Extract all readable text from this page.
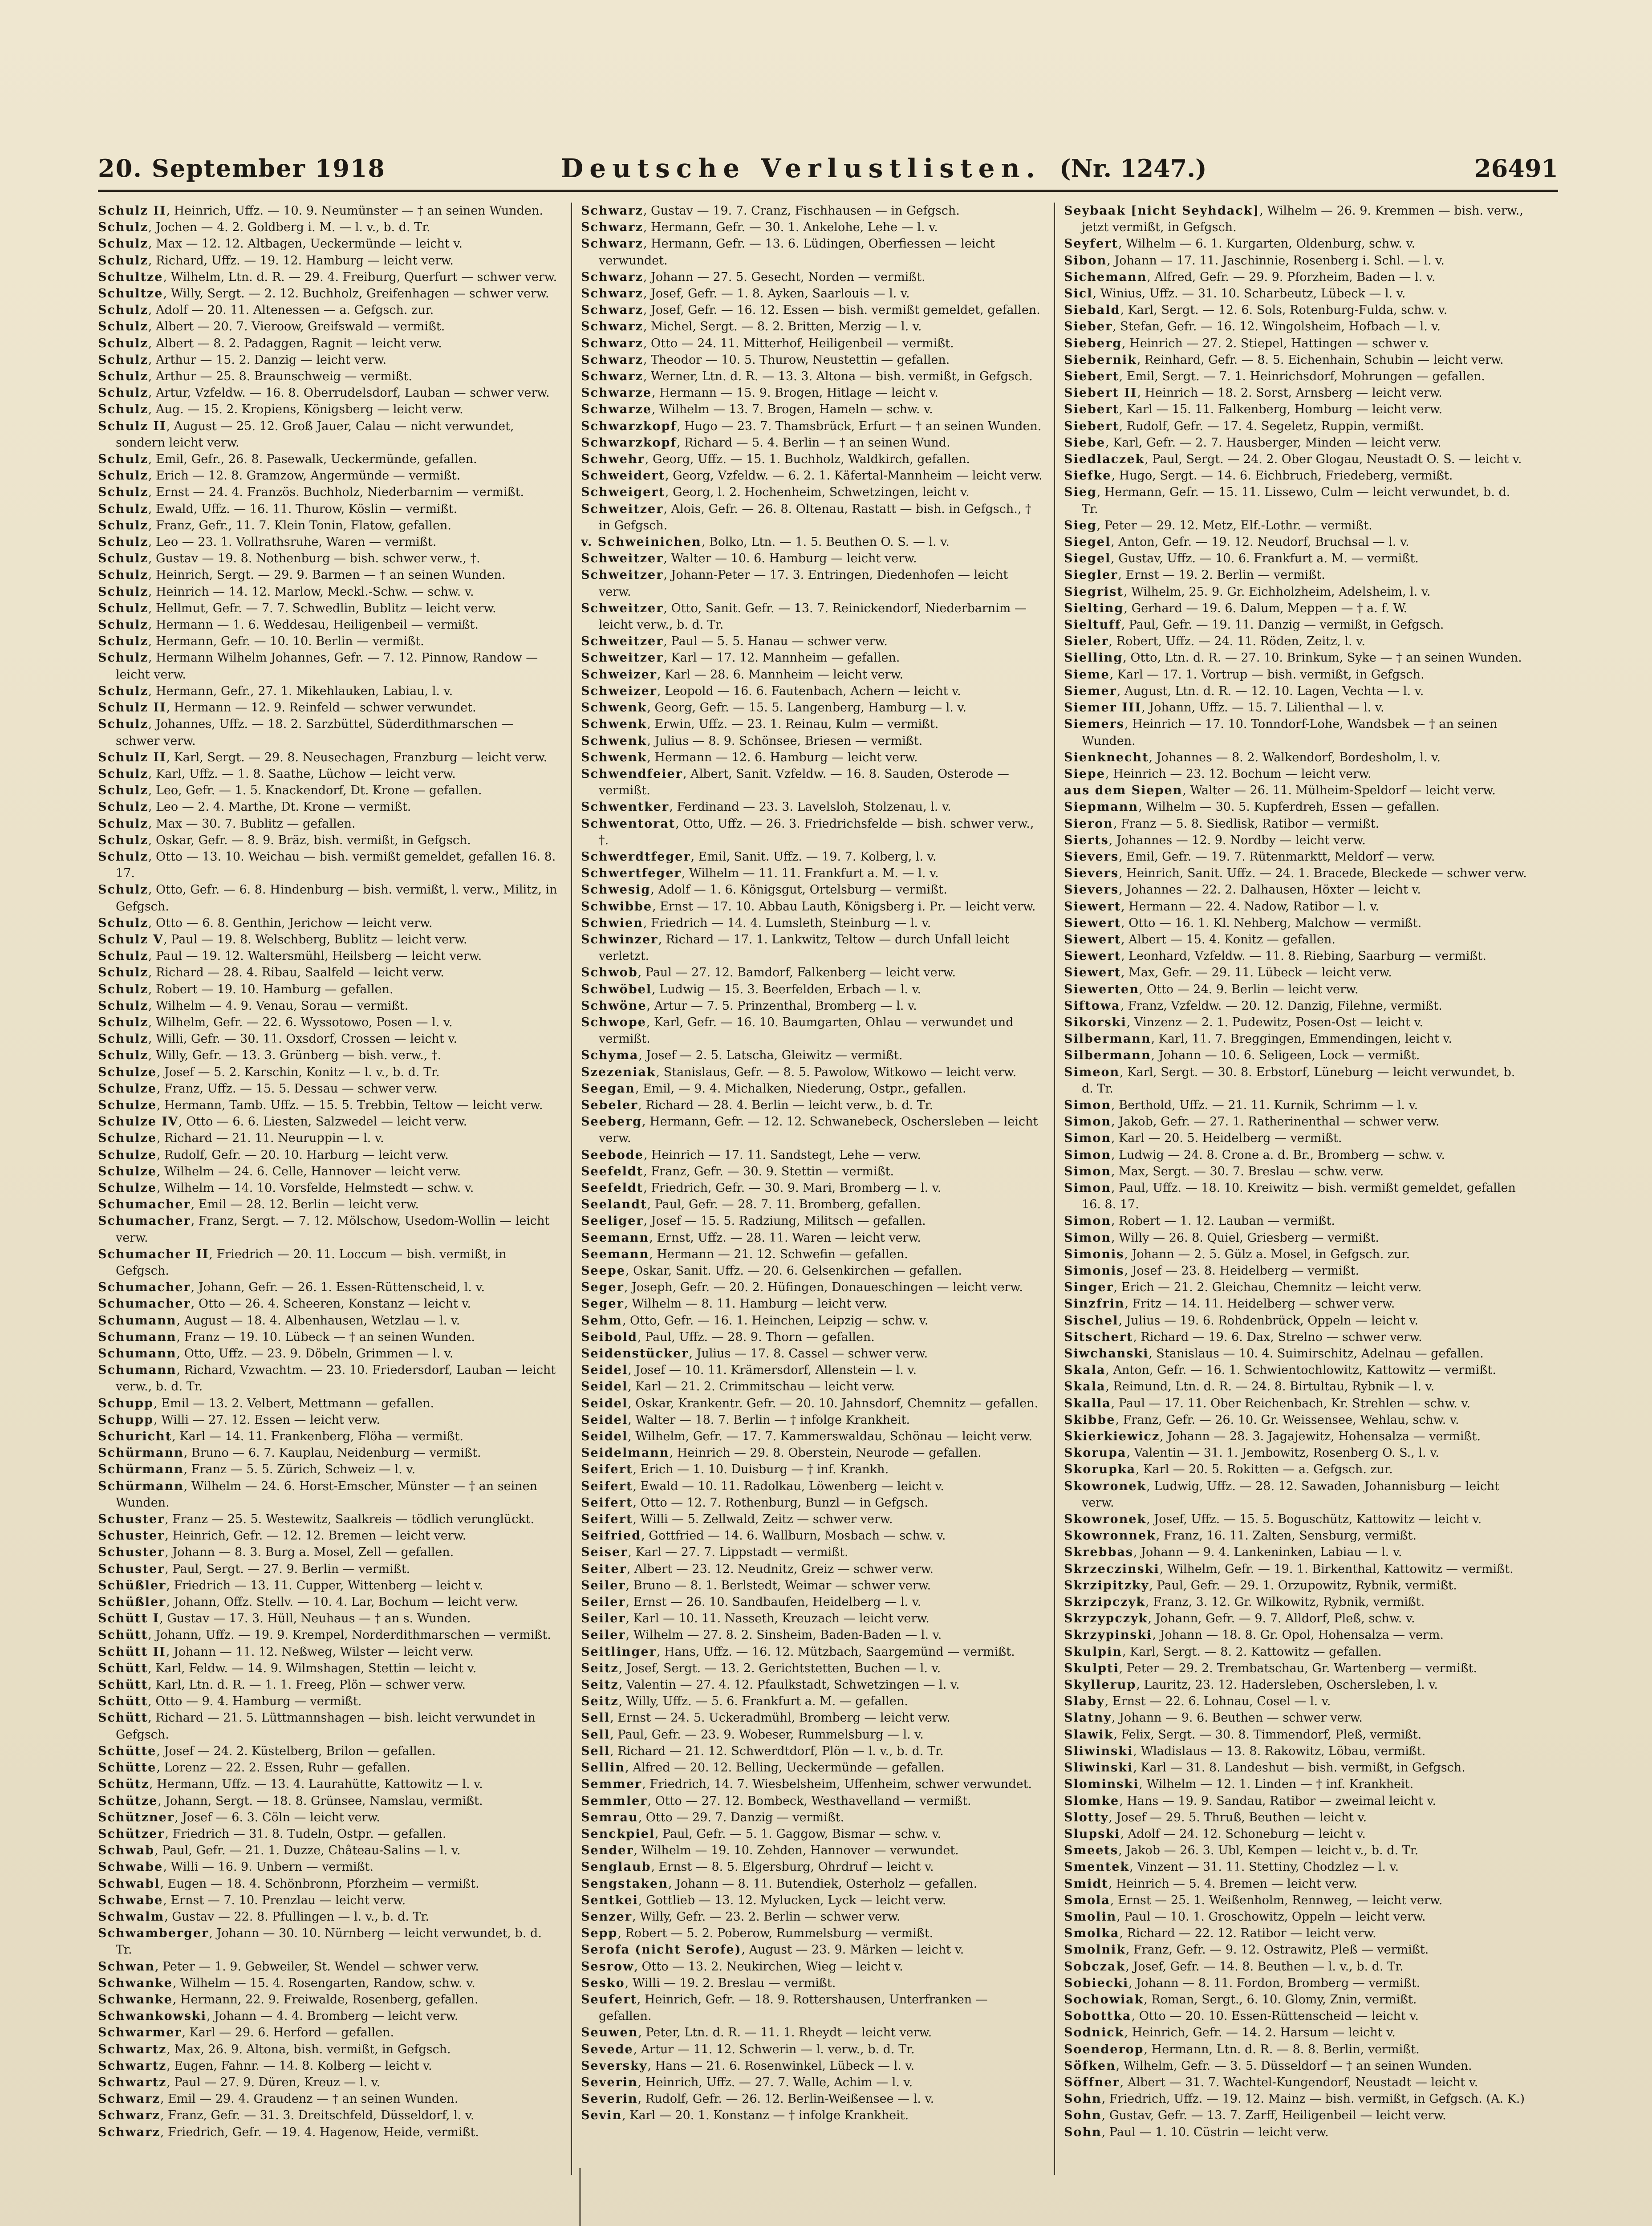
20. September 1918	Deutsche Verlustlisten. (Nr. 1247.)	26491

Schulz II, Heinrich, Uffz. — 10. 9. Neumünster — † an seinen Wunden.

Schulz, Jochen — 4. 2. Goldberg i. M. — l. v., b. d. Tr.

Schulz, Max — 12. 12. Altbagen, Ueckermünde — leicht v.

Schulz, Richard, Uffz. — 19. 12. Hamburg — leicht verw.

Schultze, Wilhelm, Ltn. d. R. — 29. 4. Freiburg, Querfurt — schwer verw.

Schultze, Willy, Sergt. — 2. 12. Buchholz, Greifenhagen — schwer verw.

Schulz, Adolf — 20. 11. Altenessen — a. Gefgsch. zur.

Schulz, Albert — 20. 7. Vieroow, Greifswald — vermißt.

Schulz, Albert — 8. 2. Padaggen, Ragnit — leicht verw.

Schulz, Arthur — 15. 2. Danzig — leicht verw.

Schulz, Arthur — 25. 8. Braunschweig — vermißt.

Schulz, Artur, Vzfeldw. — 16. 8. Oberrudelsdorf, Lauban — schwer verw.

Schulz, Aug. — 15. 2. Kropiens, Königsberg — leicht verw.

Schulz II, August — 25. 12. Groß Jauer, Calau — nicht verwundet, sondern leicht verw.

Schulz, Emil, Gefr., 26. 8. Pasewalk, Ueckermünde, gefallen.

Schulz, Erich — 12. 8. Gramzow, Angermünde — vermißt.

Schulz, Ernst — 24. 4. Französ. Buchholz, Niederbarnim — vermißt.

Schulz, Ewald, Uffz. — 16. 11. Thurow, Köslin — vermißt.

Schulz, Franz, Gefr., 11. 7. Klein Tonin, Flatow, gefallen.

Schulz, Leo — 23. 1. Vollrathsruhe, Waren — vermißt.

Schulz, Gustav — 19. 8. Nothenburg — bish. schwer verw., †.

Schulz, Heinrich, Sergt. — 29. 9. Barmen — † an seinen Wunden.

Schulz, Heinrich — 14. 12. Marlow, Meckl.-Schw. — schw. v.

Schulz, Hellmut, Gefr. — 7. 7. Schwedlin, Bublitz — leicht verw.

Schulz, Hermann — 1. 6. Weddesau, Heiligenbeil — vermißt.

Schulz, Hermann, Gefr. — 10. 10. Berlin — vermißt.

Schulz, Hermann Wilhelm Johannes, Gefr. — 7. 12. Pinnow, Randow — leicht verw.

Schulz, Hermann, Gefr., 27. 1. Mikehlauken, Labiau, l. v.

Schulz II, Hermann — 12. 9. Reinfeld — schwer verwundet.

Schulz, Johannes, Uffz. — 18. 2. Sarzbüttel, Süderdithmarschen — schwer verw.

Schulz II, Karl, Sergt. — 29. 8. Neusechagen, Franzburg — leicht verw.

Schulz, Karl, Uffz. — 1. 8. Saathe, Lüchow — leicht verw.

Schulz, Leo, Gefr. — 1. 5. Knackendorf, Dt. Krone — gefallen.

Schulz, Leo — 2. 4. Marthe, Dt. Krone — vermißt.

Schulz, Max — 30. 7. Bublitz — gefallen.

Schulz, Oskar, Gefr. — 8. 9. Bräz, bish. vermißt, in Gefgsch.

Schulz, Otto — 13. 10. Weichau — bish. vermißt gemeldet, gefallen 16. 8. 17.

Schulz, Otto, Gefr. — 6. 8. Hindenburg — bish. vermißt, l. verw., Militz, in Gefgsch.

Schulz, Otto — 6. 8. Genthin, Jerichow — leicht verw.

Schulz V, Paul — 19. 8. Welschberg, Bublitz — leicht verw.

Schulz, Paul — 19. 12. Waltersmühl, Heilsberg — leicht verw.

Schulz, Richard — 28. 4. Ribau, Saalfeld — leicht verw.

Schulz, Robert — 19. 10. Hamburg — gefallen.

Schulz, Wilhelm — 4. 9. Venau, Sorau — vermißt.

Schulz, Wilhelm, Gefr. — 22. 6. Wyssotowo, Posen — l. v.

Schulz, Willi, Gefr. — 30. 11. Oxsdorf, Crossen — leicht v.

Schulz, Willy, Gefr. — 13. 3. Grünberg — bish. verw., †.

Schulze, Josef — 5. 2. Karschin, Konitz — l. v., b. d. Tr.

Schulze, Franz, Uffz. — 15. 5. Dessau — schwer verw.

Schulze, Hermann, Tamb. Uffz. — 15. 5. Trebbin, Teltow — leicht verw.

Schulze IV, Otto — 6. 6. Liesten, Salzwedel — leicht verw.

Schulze, Richard — 21. 11. Neuruppin — l. v.

Schulze, Rudolf, Gefr. — 20. 10. Harburg — leicht verw.

Schulze, Wilhelm — 24. 6. Celle, Hannover — leicht verw.

Schulze, Wilhelm — 14. 10. Vorsfelde, Helmstedt — schw. v.

Schumacher, Emil — 28. 12. Berlin — leicht verw.

Schumacher, Franz, Sergt. — 7. 12. Mölschow, Usedom-Wollin — leicht verw.

Schumacher II, Friedrich — 20. 11. Loccum — bish. vermißt, in Gefgsch.

Schumacher, Johann, Gefr. — 26. 1. Essen-Rüttenscheid, l. v.

Schumacher, Otto — 26. 4. Scheeren, Konstanz — leicht v.

Schumann, August — 18. 4. Albenhausen, Wetzlau — l. v.

Schumann, Franz — 19. 10. Lübeck — † an seinen Wunden.

Schumann, Otto, Uffz. — 23. 9. Döbeln, Grimmen — l. v.

Schumann, Richard, Vzwachtm. — 23. 10. Friedersdorf, Lauban — leicht verw., b. d. Tr.

Schupp, Emil — 13. 2. Velbert, Mettmann — gefallen.

Schupp, Willi — 27. 12. Essen — leicht verw.

Schuricht, Karl — 14. 11. Frankenberg, Flöha — vermißt.

Schürmann, Bruno — 6. 7. Kauplau, Neidenburg — vermißt.

Schürmann, Franz — 5. 5. Zürich, Schweiz — l. v.

Schürmann, Wilhelm — 24. 6. Horst-Emscher, Münster — † an seinen Wunden.

Schuster, Franz — 25. 5. Westewitz, Saalkreis — tödlich verunglückt.

Schuster, Heinrich, Gefr. — 12. 12. Bremen — leicht verw.

Schuster, Johann — 8. 3. Burg a. Mosel, Zell — gefallen.

Schuster, Paul, Sergt. — 27. 9. Berlin — vermißt.

Schüßler, Friedrich — 13. 11. Cupper, Wittenberg — leicht v.

Schüßler, Johann, Offz. Stellv. — 10. 4. Lar, Bochum — leicht verw.

Schütt I, Gustav — 17. 3. Hüll, Neuhaus — † an s. Wunden.

Schütt, Johann, Uffz. — 19. 9. Krempel, Norderdithmarschen — vermißt.

Schütt II, Johann — 11. 12. Neßweg, Wilster — leicht verw.

Schütt, Karl, Feldw. — 14. 9. Wilmshagen, Stettin — leicht v.

Schütt, Karl, Ltn. d. R. — 1. 1. Freeg, Plön — schwer verw.

Schütt, Otto — 9. 4. Hamburg — vermißt.

Schütt, Richard — 21. 5. Lüttmannshagen — bish. leicht verwundet in Gefgsch.

Schütte, Josef — 24. 2. Küstelberg, Brilon — gefallen.

Schütte, Lorenz — 22. 2. Essen, Ruhr — gefallen.

Schütz, Hermann, Uffz. — 13. 4. Laurahütte, Kattowitz — l. v.

Schütze, Johann, Sergt. — 18. 8. Grünsee, Namslau, vermißt.

Schützner, Josef — 6. 3. Cöln — leicht verw.

Schützer, Friedrich — 31. 8. Tudeln, Ostpr. — gefallen.

Schwab, Paul, Gefr. — 21. 1. Duzze, Château-Salins — l. v.

Schwabe, Willi — 16. 9. Unbern — vermißt.

Schwabl, Eugen — 18. 4. Schönbronn, Pforzheim — vermißt.

Schwabe, Ernst — 7. 10. Prenzlau — leicht verw.

Schwalm, Gustav — 22. 8. Pfullingen — l. v., b. d. Tr.

Schwamberger, Johann — 30. 10. Nürnberg — leicht verwundet, b. d. Tr.

Schwan, Peter — 1. 9. Gebweiler, St. Wendel — schwer verw.

Schwanke, Wilhelm — 15. 4. Rosengarten, Randow, schw. v.

Schwanke, Hermann, 22. 9. Freiwalde, Rosenberg, gefallen.

Schwankowski, Johann — 4. 4. Bromberg — leicht verw.

Schwarmer, Karl — 29. 6. Herford — gefallen.

Schwartz, Max, 26. 9. Altona, bish. vermißt, in Gefgsch.

Schwartz, Eugen, Fahnr. — 14. 8. Kolberg — leicht v.

Schwartz, Paul — 27. 9. Düren, Kreuz — l. v.

Schwarz, Emil — 29. 4. Graudenz — † an seinen Wunden.

Schwarz, Franz, Gefr. — 31. 3. Dreitschfeld, Düsseldorf, l. v.

Schwarz, Friedrich, Gefr. — 19. 4. Hagenow, Heide, vermißt.

Schwarz, Gustav — 19. 7. Cranz, Fischhausen — in Gefgsch.

Schwarz, Hermann, Gefr. — 30. 1. Ankelohe, Lehe — l. v.

Schwarz, Hermann, Gefr. — 13. 6. Lüdingen, Oberfiessen — leicht verwundet.

Schwarz, Johann — 27. 5. Gesecht, Norden — vermißt.

Schwarz, Josef, Gefr. — 1. 8. Ayken, Saarlouis — l. v.

Schwarz, Josef, Gefr. — 16. 12. Essen — bish. vermißt gemeldet, gefallen.

Schwarz, Michel, Sergt. — 8. 2. Britten, Merzig — l. v.

Schwarz, Otto — 24. 11. Mitterhof, Heiligenbeil — vermißt.

Schwarz, Theodor — 10. 5. Thurow, Neustettin — gefallen.

Schwarz, Werner, Ltn. d. R. — 13. 3. Altona — bish. vermißt, in Gefgsch.

Schwarze, Hermann — 15. 9. Brogen, Hitlage — leicht v.

Schwarze, Wilhelm — 13. 7. Brogen, Hameln — schw. v.

Schwarzkopf, Hugo — 23. 7. Thamsbrück, Erfurt — † an seinen Wunden.

Schwarzkopf, Richard — 5. 4. Berlin — † an seinen Wund.

Schwehr, Georg, Uffz. — 15. 1. Buchholz, Waldkirch, gefallen.

Schweidert, Georg, Vzfeldw. — 6. 2. 1. Käfertal-Mannheim — leicht verw.

Schweigert, Georg, l. 2. Hochenheim, Schwetzingen, leicht v.

Schweitzer, Alois, Gefr. — 26. 8. Oltenau, Rastatt — bish. in Gefgsch., † in Gefgsch.

v. Schweinichen, Bolko, Ltn. — 1. 5. Beuthen O. S. — l. v.

Schweitzer, Walter — 10. 6. Hamburg — leicht verw.

Schweitzer, Johann-Peter — 17. 3. Entringen, Diedenhofen — leicht verw.

Schweitzer, Otto, Sanit. Gefr. — 13. 7. Reinickendorf, Niederbarnim — leicht verw., b. d. Tr.

Schweitzer, Paul — 5. 5. Hanau — schwer verw.

Schweitzer, Karl — 17. 12. Mannheim — gefallen.

Schweizer, Karl — 28. 6. Mannheim — leicht verw.

Schweizer, Leopold — 16. 6. Fautenbach, Achern — leicht v.

Schwenk, Georg, Gefr. — 15. 5. Langenberg, Hamburg — l. v.

Schwenk, Erwin, Uffz. — 23. 1. Reinau, Kulm — vermißt.

Schwenk, Julius — 8. 9. Schönsee, Briesen — vermißt.

Schwenk, Hermann — 12. 6. Hamburg — leicht verw.

Schwendfeier, Albert, Sanit. Vzfeldw. — 16. 8. Sauden, Osterode — vermißt.

Schwentker, Ferdinand — 23. 3. Lavelsloh, Stolzenau, l. v.

Schwentorat, Otto, Uffz. — 26. 3. Friedrichsfelde — bish. schwer verw., †.

Schwerdtfeger, Emil, Sanit. Uffz. — 19. 7. Kolberg, l. v.

Schwertfeger, Wilhelm — 11. 11. Frankfurt a. M. — l. v.

Schwesig, Adolf — 1. 6. Königsgut, Ortelsburg — vermißt.

Schwibbe, Ernst — 17. 10. Abbau Lauth, Königsberg i. Pr. — leicht verw.

Schwien, Friedrich — 14. 4. Lumsleth, Steinburg — l. v.

Schwinzer, Richard — 17. 1. Lankwitz, Teltow — durch Unfall leicht verletzt.

Schwob, Paul — 27. 12. Bamdorf, Falkenberg — leicht verw.

Schwöbel, Ludwig — 15. 3. Beerfelden, Erbach — l. v.

Schwöne, Artur — 7. 5. Prinzenthal, Bromberg — l. v.

Schwope, Karl, Gefr. — 16. 10. Baumgarten, Ohlau — verwundet und vermißt.

Schyma, Josef — 2. 5. Latscha, Gleiwitz — vermißt.

Szezeniak, Stanislaus, Gefr. — 8. 5. Pawolow, Witkowo — leicht verw.

Seegan, Emil, — 9. 4. Michalken, Niederung, Ostpr., gefallen.

Sebeler, Richard — 28. 4. Berlin — leicht verw., b. d. Tr.

Seeberg, Hermann, Gefr. — 12. 12. Schwanebeck, Oschersleben — leicht verw.

Seebode, Heinrich — 17. 11. Sandstegt, Lehe — verw.

Seefeldt, Franz, Gefr. — 30. 9. Stettin — vermißt.

Seefeldt, Friedrich, Gefr. — 30. 9. Mari, Bromberg — l. v.

Seelandt, Paul, Gefr. — 28. 7. 11. Bromberg, gefallen.

Seeliger, Josef — 15. 5. Radziung, Militsch — gefallen.

Seemann, Ernst, Uffz. — 28. 11. Waren — leicht verw.

Seemann, Hermann — 21. 12. Schwefin — gefallen.

Seepe, Oskar, Sanit. Uffz. — 20. 6. Gelsenkirchen — gefallen.

Seger, Joseph, Gefr. — 20. 2. Hüfingen, Donaueschingen — leicht verw.

Seger, Wilhelm — 8. 11. Hamburg — leicht verw.

Sehm, Otto, Gefr. — 16. 1. Heinchen, Leipzig — schw. v.

Seibold, Paul, Uffz. — 28. 9. Thorn — gefallen.

Seidenstücker, Julius — 17. 8. Cassel — schwer verw.

Seidel, Josef — 10. 11. Krämersdorf, Allenstein — l. v.

Seidel, Karl — 21. 2. Crimmitschau — leicht verw.

Seidel, Oskar, Krankentr. Gefr. — 20. 10. Jahnsdorf, Chemnitz — gefallen.

Seidel, Walter — 18. 7. Berlin — † infolge Krankheit.

Seidel, Wilhelm, Gefr. — 17. 7. Kammerswaldau, Schönau — leicht verw.

Seidelmann, Heinrich — 29. 8. Oberstein, Neurode — gefallen.

Seifert, Erich — 1. 10. Duisburg — † inf. Krankh.

Seifert, Ewald — 10. 11. Radolkau, Löwenberg — leicht v.

Seifert, Otto — 12. 7. Rothenburg, Bunzl — in Gefgsch.

Seifert, Willi — 5. Zellwald, Zeitz — schwer verw.

Seifried, Gottfried — 14. 6. Wallburn, Mosbach — schw. v.

Seiser, Karl — 27. 7. Lippstadt — vermißt.

Seiter, Albert — 23. 12. Neudnitz, Greiz — schwer verw.

Seiler, Bruno — 8. 1. Berlstedt, Weimar — schwer verw.

Seiler, Ernst — 26. 10. Sandbaufen, Heidelberg — l. v.

Seiler, Karl — 10. 11. Nasseth, Kreuzach — leicht verw.

Seiler, Wilhelm — 27. 8. 2. Sinsheim, Baden-Baden — l. v.

Seitlinger, Hans, Uffz. — 16. 12. Mützbach, Saargemünd — vermißt.

Seitz, Josef, Sergt. — 13. 2. Gerichtstetten, Buchen — l. v.

Seitz, Valentin — 27. 4. 12. Pfaulkstadt, Schwetzingen — l. v.

Seitz, Willy, Uffz. — 5. 6. Frankfurt a. M. — gefallen.

Sell, Ernst — 24. 5. Uckeradmühl, Bromberg — leicht verw.

Sell, Paul, Gefr. — 23. 9. Wobeser, Rummelsburg — l. v.

Sell, Richard — 21. 12. Schwerdtdorf, Plön — l. v., b. d. Tr.

Sellin, Alfred — 20. 12. Belling, Ueckermünde — gefallen.

Semmer, Friedrich, 14. 7. Wiesbelsheim, Uffenheim, schwer verwundet.

Semmler, Otto — 27. 12. Bombeck, Westhavelland — vermißt.

Semrau, Otto — 29. 7. Danzig — vermißt.

Senckpiel, Paul, Gefr. — 5. 1. Gaggow, Bismar — schw. v.

Sender, Wilhelm — 19. 10. Zehden, Hannover — verwundet.

Senglaub, Ernst — 8. 5. Elgersburg, Ohrdruf — leicht v.

Sengstaken, Johann — 8. 11. Butendiek, Osterholz — gefallen.

Sentkei, Gottlieb — 13. 12. Mylucken, Lyck — leicht verw.

Senzer, Willy, Gefr. — 23. 2. Berlin — schwer verw.

Sepp, Robert — 5. 2. Poberow, Rummelsburg — vermißt.

Serofa (nicht Serofe), August — 23. 9. Märken — leicht v.

Sesrow, Otto — 13. 2. Neukirchen, Wieg — leicht v.

Sesko, Willi — 19. 2. Breslau — vermißt.

Seufert, Heinrich, Gefr. — 18. 9. Rottershausen, Unterfranken — gefallen.

Seuwen, Peter, Ltn. d. R. — 11. 1. Rheydt — leicht verw.

Sevede, Artur — 11. 12. Schwerin — l. verw., b. d. Tr.

Seversky, Hans — 21. 6. Rosenwinkel, Lübeck — l. v.

Severin, Heinrich, Uffz. — 27. 7. Walle, Achim — l. v.

Severin, Rudolf, Gefr. — 26. 12. Berlin-Weißensee — l. v.

Sevin, Karl — 20. 1. Konstanz — † infolge Krankheit.

Seybaak [nicht Seyhdack], Wilhelm — 26. 9. Kremmen — bish. verw., jetzt vermißt, in Gefgsch.

Seyfert, Wilhelm — 6. 1. Kurgarten, Oldenburg, schw. v.

Sibon, Johann — 17. 11. Jaschinnie, Rosenberg i. Schl. — l. v.

Sichemann, Alfred, Gefr. — 29. 9. Pforzheim, Baden — l. v.

Sicl, Winius, Uffz. — 31. 10. Scharbeutz, Lübeck — l. v.

Siebald, Karl, Sergt. — 12. 6. Sols, Rotenburg-Fulda, schw. v.

Sieber, Stefan, Gefr. — 16. 12. Wingolsheim, Hofbach — l. v.

Sieberg, Heinrich — 27. 2. Stiepel, Hattingen — schwer v.

Siebernik, Reinhard, Gefr. — 8. 5. Eichenhain, Schubin — leicht verw.

Siebert, Emil, Sergt. — 7. 1. Heinrichsdorf, Mohrungen — gefallen.

Siebert II, Heinrich — 18. 2. Sorst, Arnsberg — leicht verw.

Siebert, Karl — 15. 11. Falkenberg, Homburg — leicht verw.

Siebert, Rudolf, Gefr. — 17. 4. Segeletz, Ruppin, vermißt.

Siebe, Karl, Gefr. — 2. 7. Hausberger, Minden — leicht verw.

Siedlaczek, Paul, Sergt. — 24. 2. Ober Glogau, Neustadt O. S. — leicht v.

Siefke, Hugo, Sergt. — 14. 6. Eichbruch, Friedeberg, vermißt.

Sieg, Hermann, Gefr. — 15. 11. Lissewo, Culm — leicht verwundet, b. d. Tr.

Sieg, Peter — 29. 12. Metz, Elf.-Lothr. — vermißt.

Siegel, Anton, Gefr. — 19. 12. Neudorf, Bruchsal — l. v.

Siegel, Gustav, Uffz. — 10. 6. Frankfurt a. M. — vermißt.

Siegler, Ernst — 19. 2. Berlin — vermißt.

Siegrist, Wilhelm, 25. 9. Gr. Eichholzheim, Adelsheim, l. v.

Sielting, Gerhard — 19. 6. Dalum, Meppen — † a. f. W.

Sieltuff, Paul, Gefr. — 19. 11. Danzig — vermißt, in Gefgsch.

Sieler, Robert, Uffz. — 24. 11. Röden, Zeitz, l. v.

Sielling, Otto, Ltn. d. R. — 27. 10. Brinkum, Syke — † an seinen Wunden.

Sieme, Karl — 17. 1. Vortrup — bish. vermißt, in Gefgsch.

Siemer, August, Ltn. d. R. — 12. 10. Lagen, Vechta — l. v.

Siemer III, Johann, Uffz. — 15. 7. Lilienthal — l. v.

Siemers, Heinrich — 17. 10. Tonndorf-Lohe, Wandsbek — † an seinen Wunden.

Sienknecht, Johannes — 8. 2. Walkendorf, Bordesholm, l. v.

Siepe, Heinrich — 23. 12. Bochum — leicht verw.

aus dem Siepen, Walter — 26. 11. Mülheim-Speldorf — leicht verw.

Siepmann, Wilhelm — 30. 5. Kupferdreh, Essen — gefallen.

Sieron, Franz — 5. 8. Siedlisk, Ratibor — vermißt.

Sierts, Johannes — 12. 9. Nordby — leicht verw.

Sievers, Emil, Gefr. — 19. 7. Rütenmarktt, Meldorf — verw.

Sievers, Heinrich, Sanit. Uffz. — 24. 1. Bracede, Bleckede — schwer verw.

Sievers, Johannes — 22. 2. Dalhausen, Höxter — leicht v.

Siewert, Hermann — 22. 4. Nadow, Ratibor — l. v.

Siewert, Otto — 16. 1. Kl. Nehberg, Malchow — vermißt.

Siewert, Albert — 15. 4. Konitz — gefallen.

Siewert, Leonhard, Vzfeldw. — 11. 8. Riebing, Saarburg — vermißt.

Siewert, Max, Gefr. — 29. 11. Lübeck — leicht verw.

Siewerten, Otto — 24. 9. Berlin — leicht verw.

Siftowa, Franz, Vzfeldw. — 20. 12. Danzig, Filehne, vermißt.

Sikorski, Vinzenz — 2. 1. Pudewitz, Posen-Ost — leicht v.

Silbermann, Karl, 11. 7. Breggingen, Emmendingen, leicht v.

Silbermann, Johann — 10. 6. Seligeen, Lock — vermißt.

Simeon, Karl, Sergt. — 30. 8. Erbstorf, Lüneburg — leicht verwundet, b. d. Tr.

Simon, Berthold, Uffz. — 21. 11. Kurnik, Schrimm — l. v.

Simon, Jakob, Gefr. — 27. 1. Ratherinenthal — schwer verw.

Simon, Karl — 20. 5. Heidelberg — vermißt.

Simon, Ludwig — 24. 8. Crone a. d. Br., Bromberg — schw. v.

Simon, Max, Sergt. — 30. 7. Breslau — schw. verw.

Simon, Paul, Uffz. — 18. 10. Kreiwitz — bish. vermißt gemeldet, gefallen 16. 8. 17.

Simon, Robert — 1. 12. Lauban — vermißt.

Simon, Willy — 26. 8. Quiel, Griesberg — vermißt.

Simonis, Johann — 2. 5. Gülz a. Mosel, in Gefgsch. zur.

Simonis, Josef — 23. 8. Heidelberg — vermißt.

Singer, Erich — 21. 2. Gleichau, Chemnitz — leicht verw.

Sinzfrin, Fritz — 14. 11. Heidelberg — schwer verw.

Sischel, Julius — 19. 6. Rohdenbrück, Oppeln — leicht v.

Sitschert, Richard — 19. 6. Dax, Strelno — schwer verw.

Siwchanski, Stanislaus — 10. 4. Suimirschitz, Adelnau — gefallen.

Skala, Anton, Gefr. — 16. 1. Schwientochlowitz, Kattowitz — vermißt.

Skala, Reimund, Ltn. d. R. — 24. 8. Birtultau, Rybnik — l. v.

Skalla, Paul — 17. 11. Ober Reichenbach, Kr. Strehlen — schw. v.

Skibbe, Franz, Gefr. — 26. 10. Gr. Weissensee, Wehlau, schw. v.

Skierkiewicz, Johann — 28. 3. Jagajewitz, Hohensalza — vermißt.

Skorupa, Valentin — 31. 1. Jembowitz, Rosenberg O. S., l. v.

Skorupka, Karl — 20. 5. Rokitten — a. Gefgsch. zur.

Skowronek, Ludwig, Uffz. — 28. 12. Sawaden, Johannisburg — leicht verw.

Skowronek, Josef, Uffz. — 15. 5. Boguschütz, Kattowitz — leicht v.

Skowronnek, Franz, 16. 11. Zalten, Sensburg, vermißt.

Skrebbas, Johann — 9. 4. Lankeninken, Labiau — l. v.

Skrzeczinski, Wilhelm, Gefr. — 19. 1. Birkenthal, Kattowitz — vermißt.

Skrzipitzky, Paul, Gefr. — 29. 1. Orzupowitz, Rybnik, vermißt.

Skrzipczyk, Franz, 3. 12. Gr. Wilkowitz, Rybnik, vermißt.

Skrzypczyk, Johann, Gefr. — 9. 7. Alldorf, Pleß, schw. v.

Skrzypinski, Johann — 18. 8. Gr. Opol, Hohensalza — verm.

Skulpin, Karl, Sergt. — 8. 2. Kattowitz — gefallen.

Skulpti, Peter — 29. 2. Trembatschau, Gr. Wartenberg — vermißt.

Skyllerup, Lauritz, 23. 12. Hadersleben, Oschersleben, l. v.

Slaby, Ernst — 22. 6. Lohnau, Cosel — l. v.

Slatny, Johann — 9. 6. Beuthen — schwer verw.

Slawik, Felix, Sergt. — 30. 8. Timmendorf, Pleß, vermißt.

Sliwinski, Wladislaus — 13. 8. Rakowitz, Löbau, vermißt.

Sliwinski, Karl — 31. 8. Landeshut — bish. vermißt, in Gefgsch.

Slominski, Wilhelm — 12. 1. Linden — † inf. Krankheit.

Slomke, Hans — 19. 9. Sandau, Ratibor — zweimal leicht v.

Slotty, Josef — 29. 5. Thruß, Beuthen — leicht v.

Slupski, Adolf — 24. 12. Schoneburg — leicht v.

Smeets, Jakob — 26. 3. Ubl, Kempen — leicht v., b. d. Tr.

Smentek, Vinzent — 31. 11. Stettiny, Chodzlez — l. v.

Smidt, Heinrich — 5. 4. Bremen — leicht verw.

Smola, Ernst — 25. 1. Weißenholm, Rennweg, — leicht verw.

Smolin, Paul — 10. 1. Groschowitz, Oppeln — leicht verw.

Smolka, Richard — 22. 12. Ratibor — leicht verw.

Smolnik, Franz, Gefr. — 9. 12. Ostrawitz, Pleß — vermißt.

Sobczak, Josef, Gefr. — 14. 8. Beuthen — l. v., b. d. Tr.

Sobiecki, Johann — 8. 11. Fordon, Bromberg — vermißt.

Sochowiak, Roman, Sergt., 6. 10. Glomy, Znin, vermißt.

Sobottka, Otto — 20. 10. Essen-Rüttenscheid — leicht v.

Sodnick, Heinrich, Gefr. — 14. 2. Harsum — leicht v.

Soenderop, Hermann, Ltn. d. R. — 8. 8. Berlin, vermißt.

Söfken, Wilhelm, Gefr. — 3. 5. Düsseldorf — † an seinen Wunden.

Söffner, Albert — 31. 7. Wachtel-Kungendorf, Neustadt — leicht v.

Sohn, Friedrich, Uffz. — 19. 12. Mainz — bish. vermißt, in Gefgsch. (A. K.)

Sohn, Gustav, Gefr. — 13. 7. Zarff, Heiligenbeil — leicht verw.

Sohn, Paul — 1. 10. Cüstrin — leicht verw.
